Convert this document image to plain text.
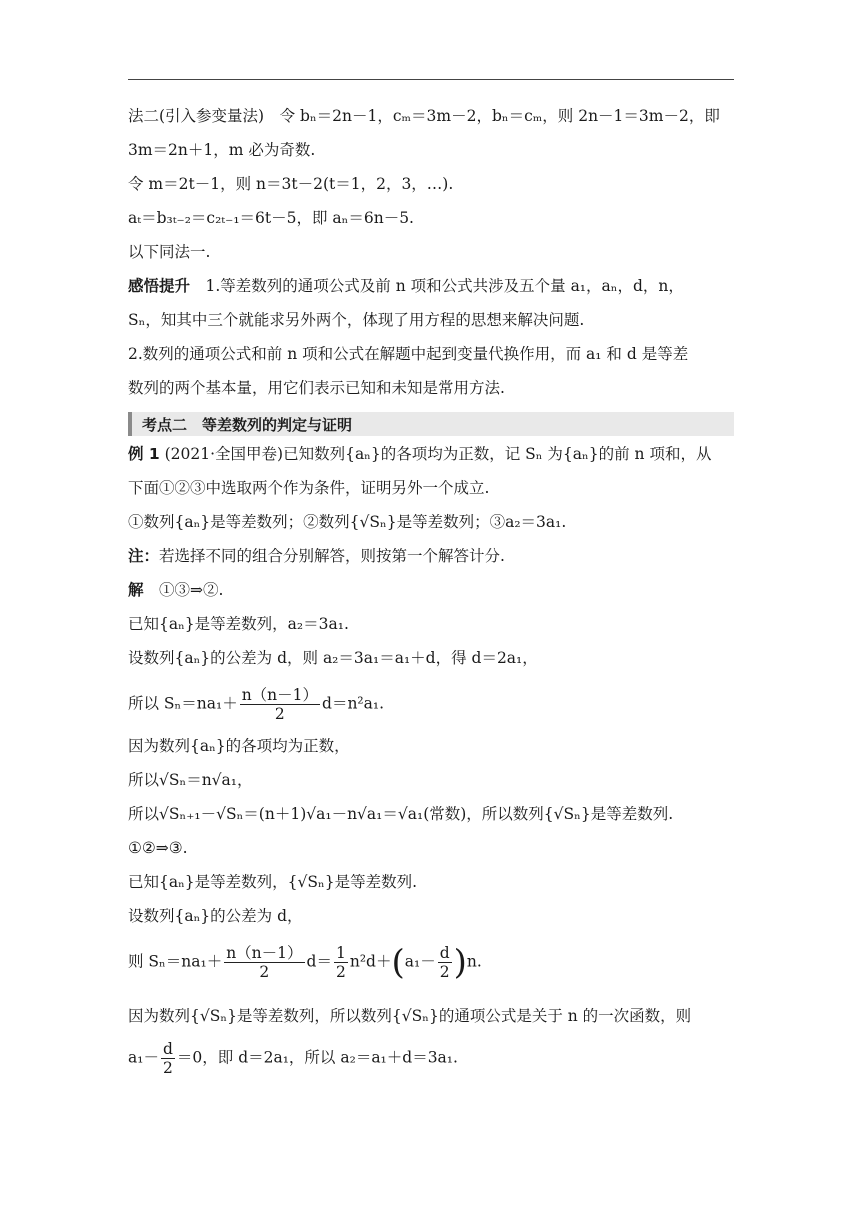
法二(引入参变量法)　令 bₙ＝2n－1，cₘ＝3m－2，bₙ＝cₘ，则 2n－1＝3m－2，即
3m＝2n＋1，m 必为奇数.
令 m＝2t－1，则 n＝3t－2(t＝1，2，3，…).
aₜ＝b₃ₜ₋₂＝c₂ₜ₋₁＝6t－5，即 aₙ＝6n－5.
以下同法一.
感悟提升　1.等差数列的通项公式及前 n 项和公式共涉及五个量 a₁，aₙ，d，n，
Sₙ，知其中三个就能求另外两个，体现了用方程的思想来解决问题.
2.数列的通项公式和前 n 项和公式在解题中起到变量代换作用，而 a₁ 和 d 是等差
数列的两个基本量，用它们表示已知和未知是常用方法.
考点二　等差数列的判定与证明
例 1 (2021·全国甲卷)已知数列{aₙ}的各项均为正数，记 Sₙ 为{aₙ}的前 n 项和，从
下面①②③中选取两个作为条件，证明另外一个成立.
①数列{aₙ}是等差数列；②数列{√Sₙ}是等差数列；③a₂＝3a₁.
注：若选择不同的组合分别解答，则按第一个解答计分.
解　①③⇒②.
已知{aₙ}是等差数列，a₂＝3a₁.
设数列{aₙ}的公差为 d，则 a₂＝3a₁＝a₁＋d，得 d＝2a₁，
所以 $S_n=na_1+ \frac{n(n-1)}{2} d=n^2a_1$.
因为数列{aₙ}的各项均为正数，
所以√Sₙ＝n√a₁，
所以√Sₙ₊₁－√Sₙ＝(n＋1)√a₁－n√a₁＝√a₁(常数)，所以数列{√Sₙ}是等差数列.
①②⇒③.
已知{aₙ}是等差数列，{√Sₙ}是等差数列.
设数列{aₙ}的公差为 d，
则 $S_n=na_1+ \frac{n(n-1)}{2} d= \frac{1}{2} n^2d+(a_1- \frac{d}{2} )n$.
因为数列{√Sₙ}是等差数列，所以数列{√Sₙ}的通项公式是关于 n 的一次函数，则
$a_1- \frac{d}{2} =0$，即 d＝2a₁，所以 a₂＝a₁＋d＝3a₁.
